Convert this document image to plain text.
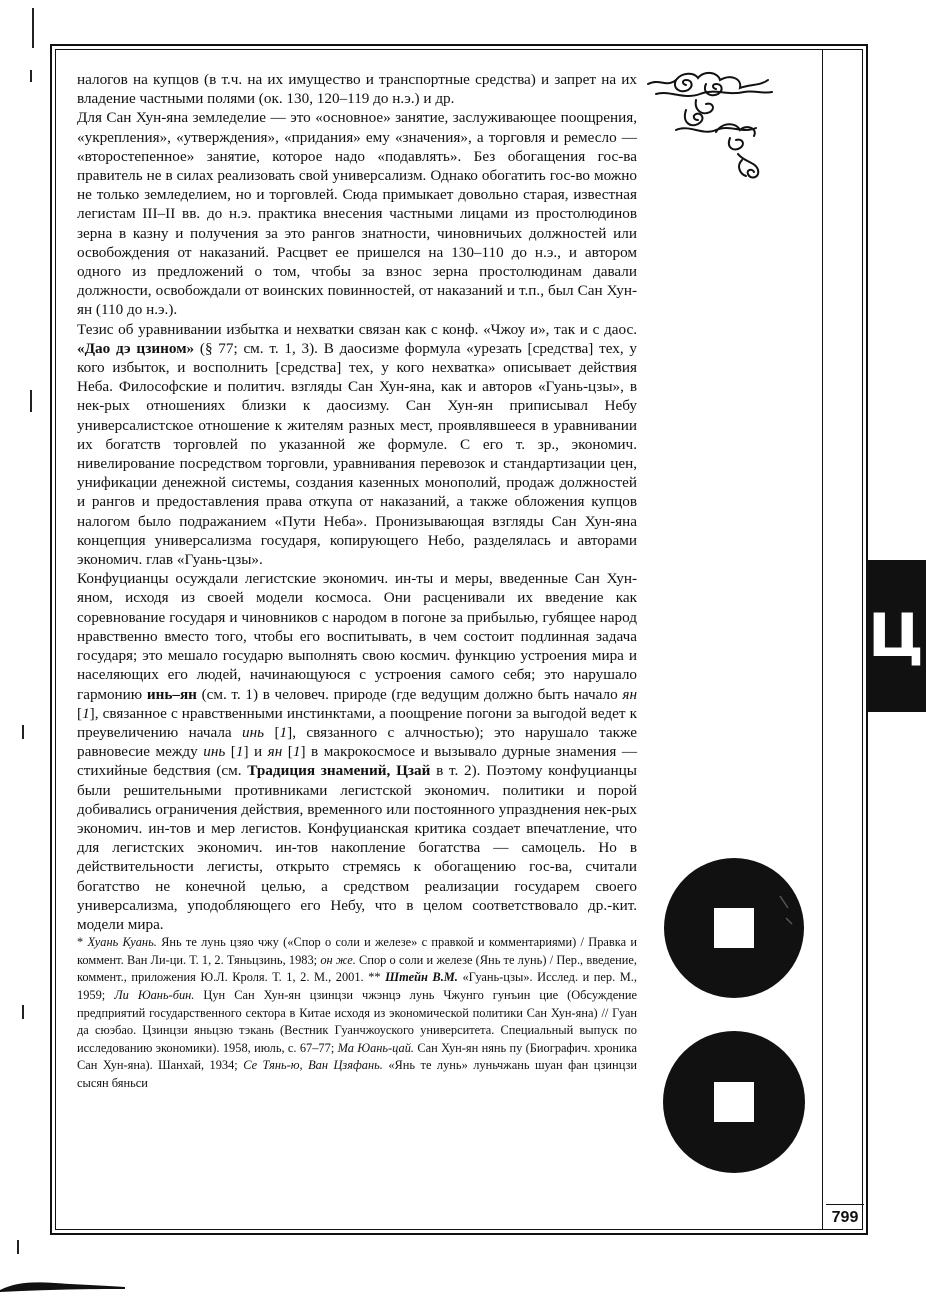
налогов на купцов (в т.ч. на их имущество и транспортные средства) и запрет на их владение частными полями (ок. 130, 120–119 до н.э.) и др.

Для Сан Хун-яна земледелие — это «основное» занятие, заслуживающее поощрения, «укрепления», «утверждения», «придания» ему «значения», а торговля и ремесло — «второстепенное» занятие, которое надо «подавлять». Без обогащения гос-ва правитель не в силах реализовать свой универсализм. Однако обогатить гос-во можно не только земледелием, но и торговлей. Сюда примыкает довольно старая, известная легистам III–II вв. до н.э. практика внесения частными лицами из простолюдинов зерна в казну и получения за это рангов знатности, чиновничьих должностей или освобождения от наказаний. Расцвет ее пришелся на 130–110 до н.э., и автором одного из предложений о том, чтобы за взнос зерна простолюдинам давали должности, освобождали от воинских повинностей, от наказаний и т.п., был Сан Хун-ян (110 до н.э.).

Тезис об уравнивании избытка и нехватки связан как с конф. «Чжоу и», так и с даос. «Дао дэ цзином» (§ 77; см. т. 1, 3). В даосизме формула «урезать [средства] тех, у кого избыток, и восполнить [средства] тех, у кого нехватка» описывает действия Неба. Философские и политич. взгляды Сан Хун-яна, как и авторов «Гуань-цзы», в нек-рых отношениях близки к даосизму. Сан Хун-ян приписывал Небу универсалистское отношение к жителям разных мест, проявлявшееся в уравнивании их богатств торговлей по указанной же формуле. С его т. зр., экономич. нивелирование посредством торговли, уравнивания перевозок и стандартизации цен, унификации денежной системы, создания казенных монополий, продаж должностей и рангов и предоставления права откупа от наказаний, а также обложения купцов налогом было подражанием «Пути Неба». Пронизывающая взгляды Сан Хун-яна концепция универсализма государя, копирующего Небо, разделялась и авторами экономич. глав «Гуань-цзы».

Конфуцианцы осуждали легистские экономич. ин-ты и меры, введенные Сан Хун-яном, исходя из своей модели космоса. Они расценивали их введение как соревнование государя и чиновников с народом в погоне за прибылью, губящее народ нравственно вместо того, чтобы его воспитывать, в чем состоит подлинная задача государя; это мешало государю выполнять свою космич. функцию устроения мира и населяющих его людей, начинающуюся с устроения самого себя; это нарушало гармонию инь–ян (см. т. 1) в человеч. природе (где ведущим должно быть начало ян [1], связанное с нравственными инстинктами, а поощрение погони за выгодой ведет к преувеличению начала инь [1], связанного с алчностью); это нарушало также равновесие между инь [1] и ян [1] в макрокосмосе и вызывало дурные знамения — стихийные бедствия (см. Традиция знамений, Цзай в т. 2). Поэтому конфуцианцы были решительными противниками легистской экономич. политики и порой добивались ограничения действия, временного или постоянного упразднения нек-рых экономич. ин-тов и мер легистов. Конфуцианская критика создает впечатление, что для легистских экономич. ин-тов накопление богатства — самоцель. Но в действительности легисты, открыто стремясь к обогащению гос-ва, считали богатство не конечной целью, а средством реализации государем своего универсализма, уподобляющего его Небу, что в целом соответствовало др.-кит. модели мира.

* Хуань Куань. Янь те лунь цзяо чжу («Спор о соли и железе» с правкой и комментариями) / Правка и коммент. Ван Ли-ци. Т. 1, 2. Тяньцзинь, 1983; он же. Спор о соли и железе (Янь те лунь) / Пер., введение, коммент., приложения Ю.Л. Кроля. Т. 1, 2. М., 2001. ** Штейн В.М. «Гуань-цзы». Исслед. и пер. М., 1959; Ли Юань-бин. Цун Сан Хун-ян цзинцзи чжэнцэ лунь Чжунго гунъин цие (Обсуждение предприятий государственного сектора в Китае исходя из экономической политики Сан Хун-яна) // Гуан да сюэбао. Цзинцзи яньцзю тэкань (Вестник Гуанчжоуского университета. Специальный выпуск по исследованию экономики). 1958, июль, с. 67–77; Ма Юань-цай. Сан Хун-ян нянь пу (Биографич. хроника Сан Хун-яна). Шанхай, 1934; Се Тянь-ю, Ван Цзяфань. «Янь те лунь» луньчжань шуан фан цзинцзи сысян бяньси

Ц
799
